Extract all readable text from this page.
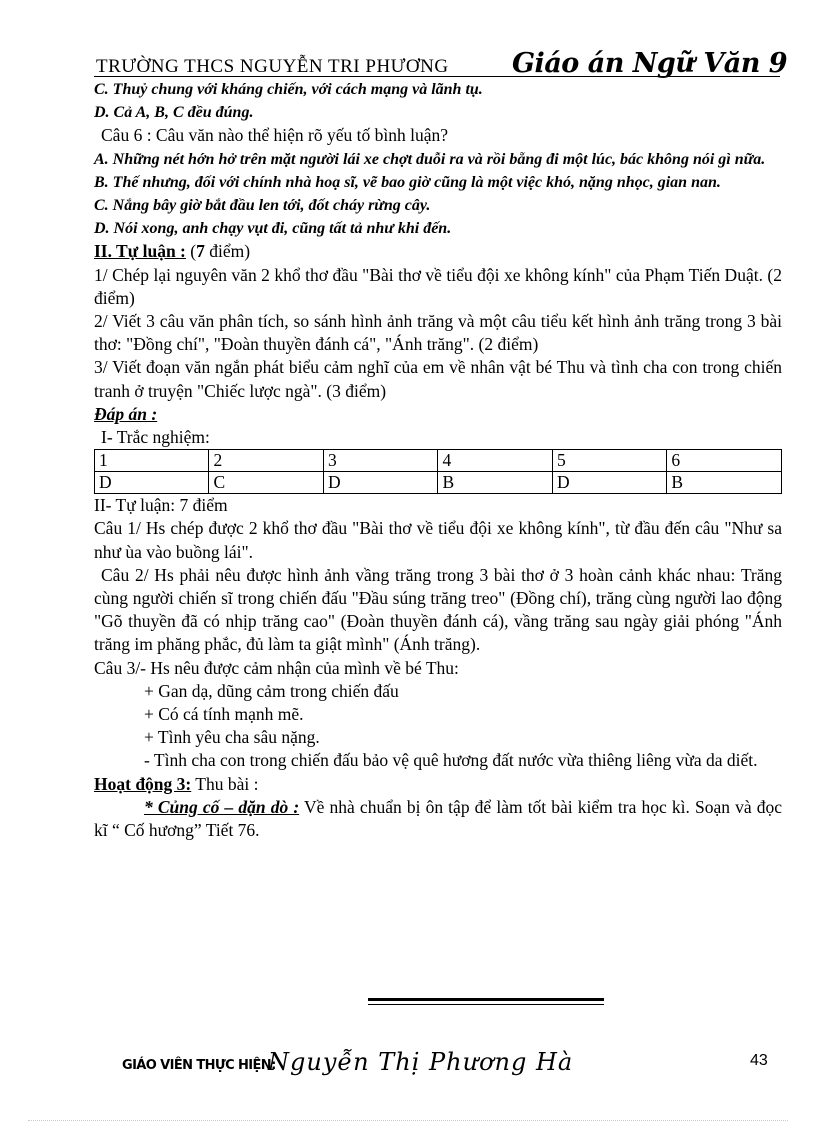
TRƯỜNG THCS NGUYỄN TRI PHƯƠNG Giáo án Ngữ Văn 9

C. Thuỷ chung với kháng chiến, với cách mạng và lãnh tụ.

D. Cả A, B, C đều đúng.

Câu 6 : Câu văn nào thể hiện rõ yếu tố bình luận?

A. Những nét hớn hở trên mặt người lái xe chợt duỗi ra và rồi bẵng đi một lúc, bác không nói gì nữa.

B. Thế nhưng, đối với chính nhà hoạ sĩ, vẽ bao giờ cũng là một việc khó, nặng nhọc, gian nan.

C. Nắng bây giờ bắt đầu len tới, đốt cháy rừng cây.

D. Nói xong, anh chạy vụt đi, cũng tất tả như khi đến.

II. Tự luận : (7 điểm)

1/ Chép lại nguyên văn 2 khổ thơ đầu "Bài thơ về tiểu đội xe không kính" của Phạm Tiến Duật. (2 điểm)

2/ Viết 3 câu văn phân tích, so sánh hình ảnh trăng và một câu tiểu kết hình ảnh trăng trong 3 bài thơ: "Đồng chí", "Đoàn thuyền đánh cá", "Ánh trăng". (2 điểm)

3/ Viết đoạn văn ngắn phát biểu cảm nghĩ của em về nhân vật bé Thu và tình cha con trong chiến tranh ở truyện "Chiếc lược ngà". (3 điểm)

Đáp án :

I- Trắc nghiệm:

1	2	3	4	5	6
D	C	D	B	D	B

II- Tự luận: 7 điểm

Câu 1/ Hs chép được 2 khổ thơ đầu "Bài thơ về tiểu đội xe không kính", từ đầu đến câu "Như sa như ùa vào buồng lái".

Câu 2/ Hs phải nêu được hình ảnh vầng trăng trong 3 bài thơ ở 3 hoàn cảnh khác nhau: Trăng cùng người chiến sĩ trong chiến đấu "Đầu súng trăng treo" (Đồng chí), trăng cùng người lao động "Gõ thuyền đã có nhịp trăng cao" (Đoàn thuyền đánh cá), vầng trăng sau ngày giải phóng "Ánh trăng im phăng phắc, đủ làm ta giật mình" (Ánh trăng).

Câu 3/- Hs nêu được cảm nhận của mình về bé Thu:

+ Gan dạ, dũng cảm trong chiến đấu

+ Có cá tính mạnh mẽ.

+ Tình yêu cha sâu nặng.

- Tình cha con trong chiến đấu bảo vệ quê hương đất nước vừa thiêng liêng vừa da diết.

Hoạt động 3: Thu bài :

* Củng cố – dặn dò : Về nhà chuẩn bị ôn tập để làm tốt bài kiểm tra học kì. Soạn và đọc kĩ “ Cố hương” Tiết 76.

GIÁO VIÊN THỰC HIỆN:
Nguyễn Thị Phương Hà	43
